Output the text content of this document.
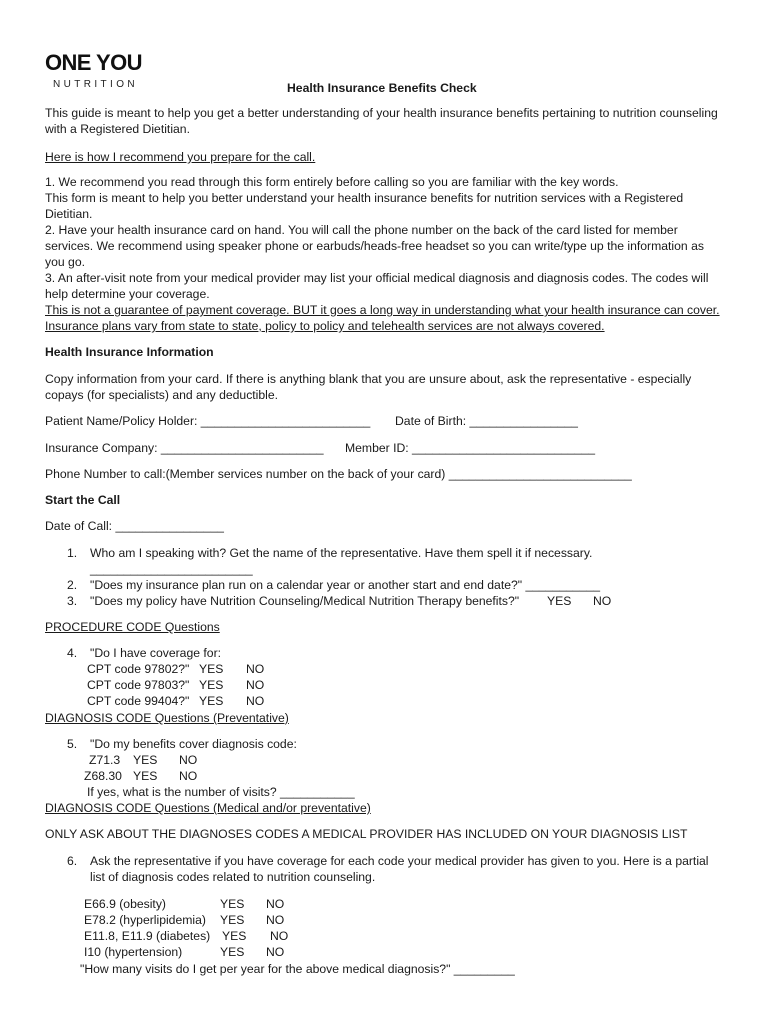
ONE YOU
NUTRITION	Health Insurance Benefits Check
This guide is meant to help you get a better understanding of your health insurance benefits pertaining to nutrition counseling with a Registered Dietitian.
Here is how I recommend you prepare for the call.
1. We recommend you read through this form entirely before calling so you are familiar with the key words.
This form is meant to help you better understand your health insurance benefits for nutrition services with a Registered Dietitian.
2. Have your health insurance card on hand. You will call the phone number on the back of the card listed for member services. We recommend using speaker phone or earbuds/heads-free headset so you can write/type up the information as you go.
3. An after-visit note from your medical provider may list your official medical diagnosis and diagnosis codes. The codes will help determine your coverage.
This is not a guarantee of payment coverage. BUT it goes a long way in understanding what your health insurance can cover. Insurance plans vary from state to state, policy to policy and telehealth services are not always covered.
Health Insurance Information
Copy information from your card. If there is anything blank that you are unsure about, ask the representative - especially copays (for specialists) and any deductible.
Patient Name/Policy Holder: _________________________ Date of Birth: ________________
Insurance Company: ________________________ Member ID: ___________________________
Phone Number to call:(Member services number on the back of your card) ___________________________
Start the Call
Date of Call: ________________
1. Who am I speaking with? Get the name of the representative. Have them spell it if necessary.
________________________
2. "Does my insurance plan run on a calendar year or another start and end date?" ___________
3. "Does my policy have Nutrition Counseling/Medical Nutrition Therapy benefits?" YES NO
PROCEDURE CODE Questions
4. "Do I have coverage for:
CPT code 97802?" YES NO
CPT code 97803?" YES NO
CPT code 99404?" YES NO
DIAGNOSIS CODE Questions (Preventative)
5. "Do my benefits cover diagnosis code:
Z71.3 YES NO
Z68.30 YES NO
If yes, what is the number of visits? ___________
DIAGNOSIS CODE Questions (Medical and/or preventative)
ONLY ASK ABOUT THE DIAGNOSES CODES A MEDICAL PROVIDER HAS INCLUDED ON YOUR DIAGNOSIS LIST
6. Ask the representative if you have coverage for each code your medical provider has given to you. Here is a partial list of diagnosis codes related to nutrition counseling.
E66.9 (obesity)	YES NO
E78.2 (hyperlipidemia) YES NO
E11.8, E11.9 (diabetes) YES NO
I10 (hypertension)	YES NO
"How many visits do I get per year for the above medical diagnosis?" _________
